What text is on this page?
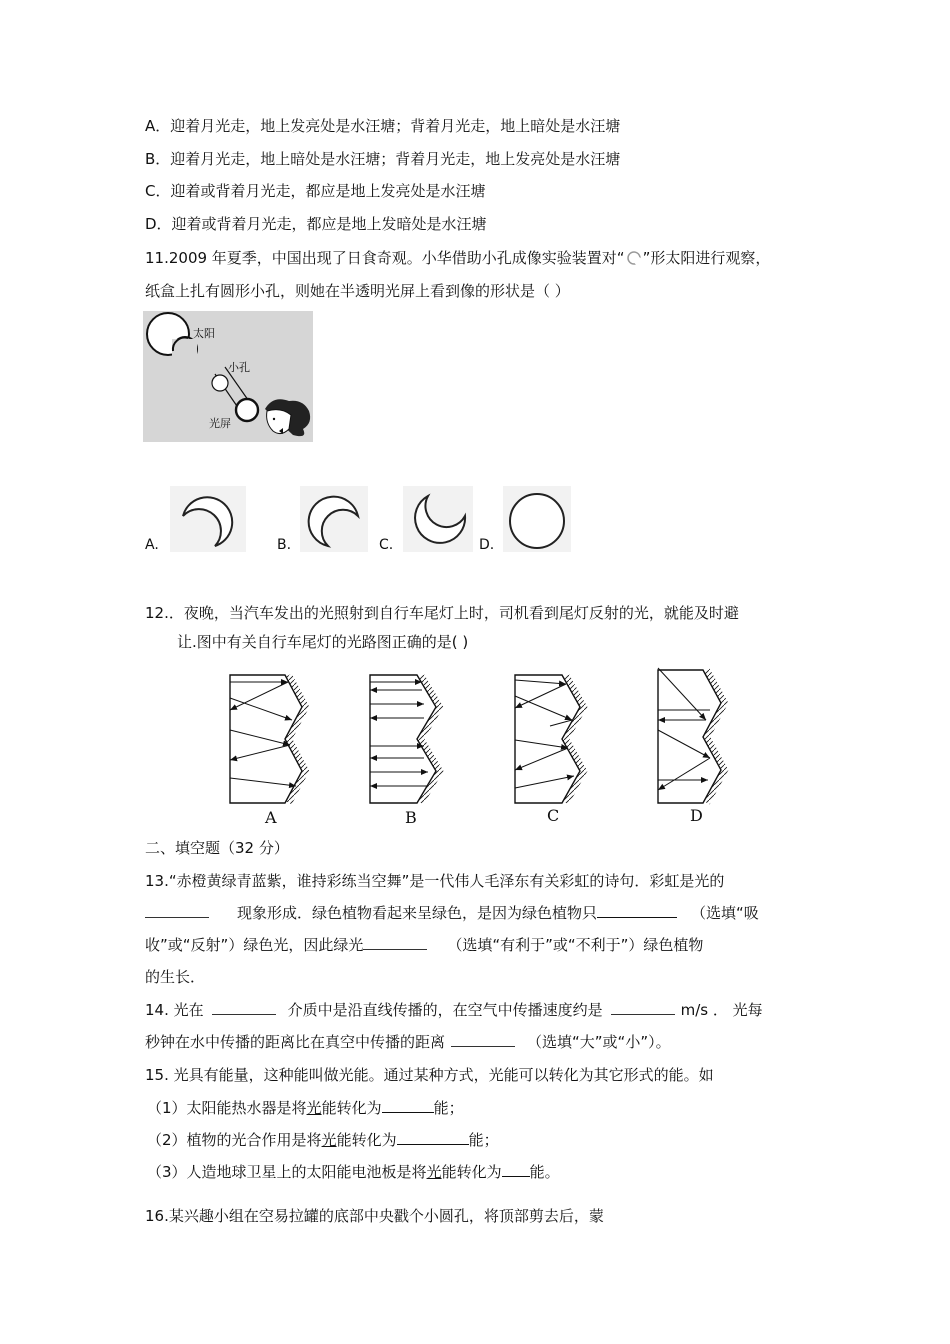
A．迎着月光走，地上发亮处是水汪塘；背着月光走，地上暗处是水汪塘
B．迎着月光走，地上暗处是水汪塘；背着月光走，地上发亮处是水汪塘
C．迎着或背着月光走，都应是地上发亮处是水汪塘
D．迎着或背着月光走，都应是地上发暗处是水汪塘
11.2009 年夏季，中国出现了日食奇观。小华借助小孔成像实验装置对“ ”形太阳进行观察，
纸盒上扎有圆形小孔，则她在半透明光屏上看到像的形状是（ ）
太阳
小孔
光屏
A.	B.	C.	D.
12.．夜晚，当汽车发出的光照射到自行车尾灯上时，司机看到尾灯反射的光，就能及时避
让.图中有关自行车尾灯的光路图正确的是( )
A	B	C	D
二、填空题（32 分）
13.“赤橙黄绿青蓝紫，谁持彩练当空舞”是一代伟人毛泽东有关彩虹的诗句．彩虹是光的
现象形成．绿色植物看起来呈绿色，是因为绿色植物只	（选填“吸
收”或“反射”）绿色光，因此绿光	（选填“有利于”或“不利于”）绿色植物
的生长．
14. 光在	介质中是沿直线传播的，在空气中传播速度约是	m/s ． 光每
秒钟在水中传播的距离比在真空中传播的距离	（选填“大”或“小”）。
15. 光具有能量，这种能叫做光能。通过某种方式，光能可以转化为其它形式的能。如
（1）太阳能热水器是将光能转化为	能；
（2）植物的光合作用是将光能转化为	能；
（3）人造地球卫星上的太阳能电池板是将光能转化为 能。
16.某兴趣小组在空易拉罐的底部中央戳个小圆孔，将顶部剪去后，蒙
